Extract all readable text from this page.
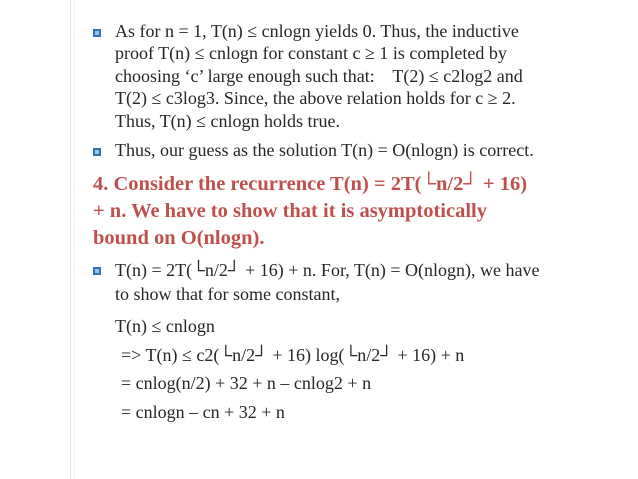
As for n = 1, T(n) ≤ cnlogn yields 0. Thus, the inductive
proof T(n) ≤ cnlogn for constant c ≥ 1 is completed by
choosing ‘c’ large enough such that:    T(2) ≤ c2log2 and
T(2) ≤ c3log3. Since, the above relation holds for c ≥ 2.
Thus, T(n) ≤ cnlogn holds true.
Thus, our guess as the solution T(n) = O(nlogn) is correct.
4. Consider the recurrence T(n) = 2T(└n/2┘ + 16)
+ n. We have to show that it is asymptotically
bound on O(nlogn).
T(n) = 2T(└n/2┘ + 16) + n. For, T(n) = O(nlogn), we have
to show that for some constant,
T(n) ≤ cnlogn
=> T(n) ≤ c2(└n/2┘ + 16) log(└n/2┘ + 16) + n
= cnlog(n/2) + 32 + n – cnlog2 + n
= cnlogn – cn + 32 + n
